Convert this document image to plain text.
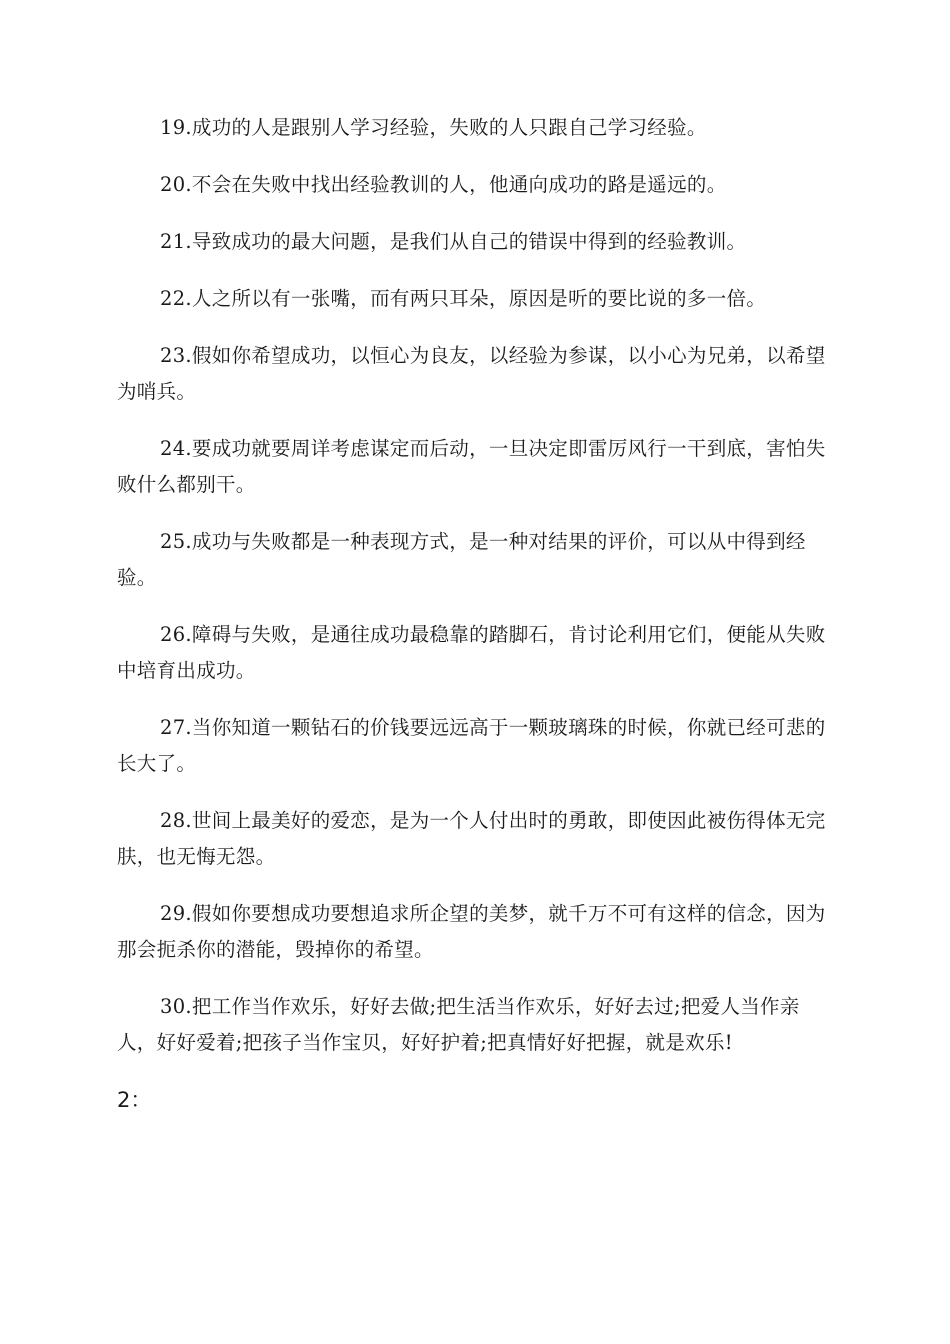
19.成功的人是跟别人学习经验，失败的人只跟自己学习经验。

20.不会在失败中找出经验教训的人，他通向成功的路是遥远的。

21.导致成功的最大问题，是我们从自己的错误中得到的经验教训。

22.人之所以有一张嘴，而有两只耳朵，原因是听的要比说的多一倍。

23.假如你希望成功，以恒心为良友，以经验为参谋，以小心为兄弟，以希望为哨兵。

24.要成功就要周详考虑谋定而后动，一旦决定即雷厉风行一干到底，害怕失败什么都别干。

25.成功与失败都是一种表现方式，是一种对结果的评价，可以从中得到经验。

26.障碍与失败，是通往成功最稳靠的踏脚石，肯讨论利用它们，便能从失败中培育出成功。

27.当你知道一颗钻石的价钱要远远高于一颗玻璃珠的时候，你就已经可悲的长大了。

28.世间上最美好的爱恋，是为一个人付出时的勇敢，即使因此被伤得体无完肤，也无悔无怨。

29.假如你要想成功要想追求所企望的美梦，就千万不可有这样的信念，因为那会扼杀你的潜能，毁掉你的希望。

30.把工作当作欢乐，好好去做;把生活当作欢乐，好好去过;把爱人当作亲人，好好爱着;把孩子当作宝贝，好好护着;把真情好好把握，就是欢乐!

2：
